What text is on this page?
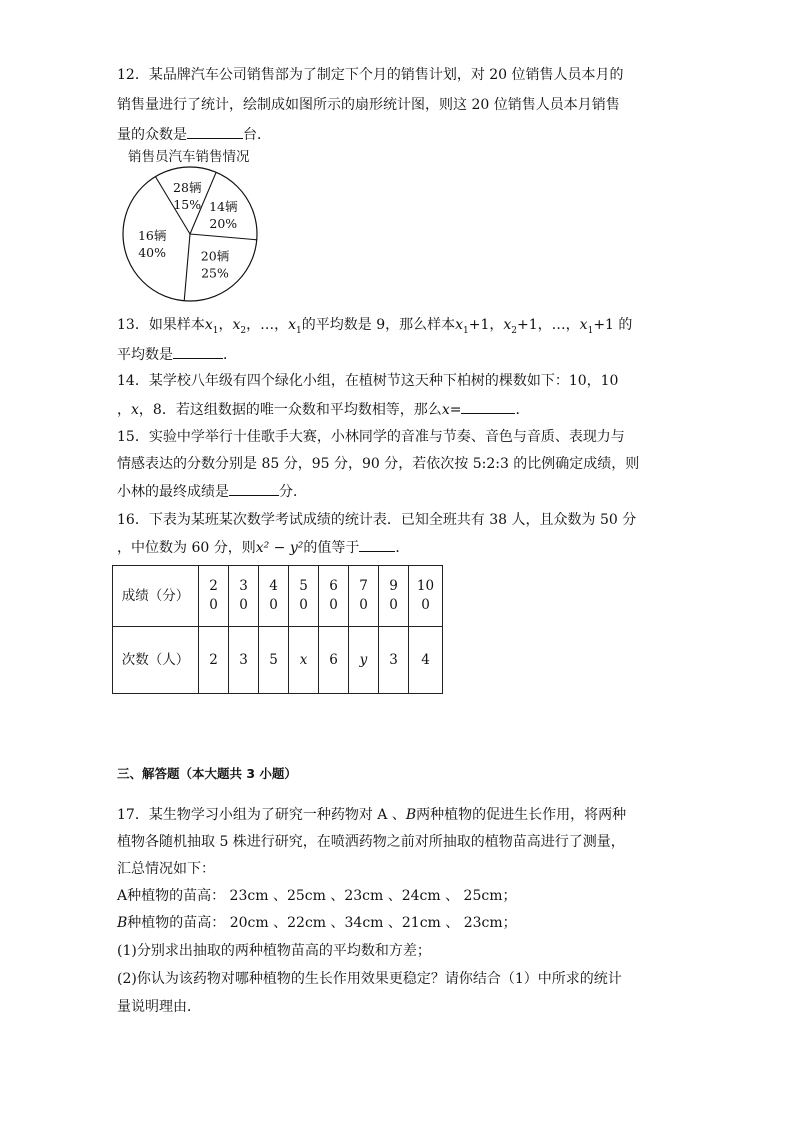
12．某品牌汽车公司销售部为了制定下个月的销售计划，对 20 位销售人员本月的
销售量进行了统计，绘制成如图所示的扇形统计图，则这 20 位销售人员本月销售
量的众数是	台．
销售员汽车销售情况
28辆
15% 14辆
20%
20辆
25%
16辆
40%
13．如果样本$x_1$，$x_2$，…，$x_1$的平均数是 9，那么样本$x_1+1$，$x_2+1$，…，$x_1+1$ 的
平均数是	．
14．某学校八年级有四个绿化小组，在植树节这天种下柏树的棵数如下：10，10
，x，8．若这组数据的唯一众数和平均数相等，那么x=	．
15．实验中学举行十佳歌手大赛，小林同学的音准与节奏、音色与音质、表现力与
情感表达的分数分别是 85 分，95 分，90 分，若依次按 5:2:3 的比例确定成绩，则
小林的最终成绩是	分．
16．下表为某班某次数学考试成绩的统计表．已知全班共有 38 人，且众数为 50 分
，中位数为 60 分，则x² − y²的值等于	．
成绩（分）	20	30	40	50	60	70	90	100
次数（人）	2	3	5	x	6	y	3	4
三、解答题（本大题共 3 小题）
17．某生物学习小组为了研究一种药物对 A 、B两种植物的促进生长作用，将两种
植物各随机抽取 5 株进行研究，在喷洒药物之前对所抽取的植物苗高进行了测量，
汇总情况如下：
A种植物的苗高： 23cm 、25cm 、23cm 、24cm 、 25cm；
B种植物的苗高： 20cm 、22cm 、34cm 、21cm 、 23cm；
(1)分别求出抽取的两种植物苗高的平均数和方差；
(2)你认为该药物对哪种植物的生长作用效果更稳定？请你结合（1）中所求的统计
量说明理由．
